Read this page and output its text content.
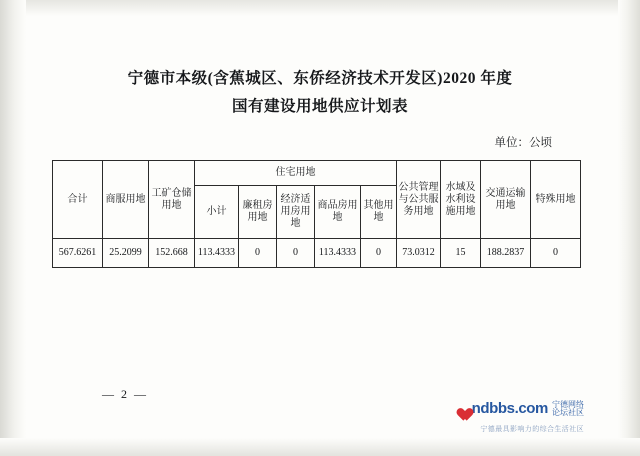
宁德市本级(含蕉城区、东侨经济技术开发区)2020 年度
国有建设用地供应计划表
单位：公顷
合计	商服用地	工矿仓储用地	住宅用地					公共管理与公共服务用地	水域及水利设施用地	交通运输用地	特殊用地

			小计	廉租房用地	经济适用房用地	商品房用地	其他用地				

567.6261	25.2099	152.668	113.4333	0	0	113.4333	0	73.0312	15	188.2837	0
— 2 —
ndbbs.com 宁德网络
论坛社区
宁德最具影响力的综合生活社区
